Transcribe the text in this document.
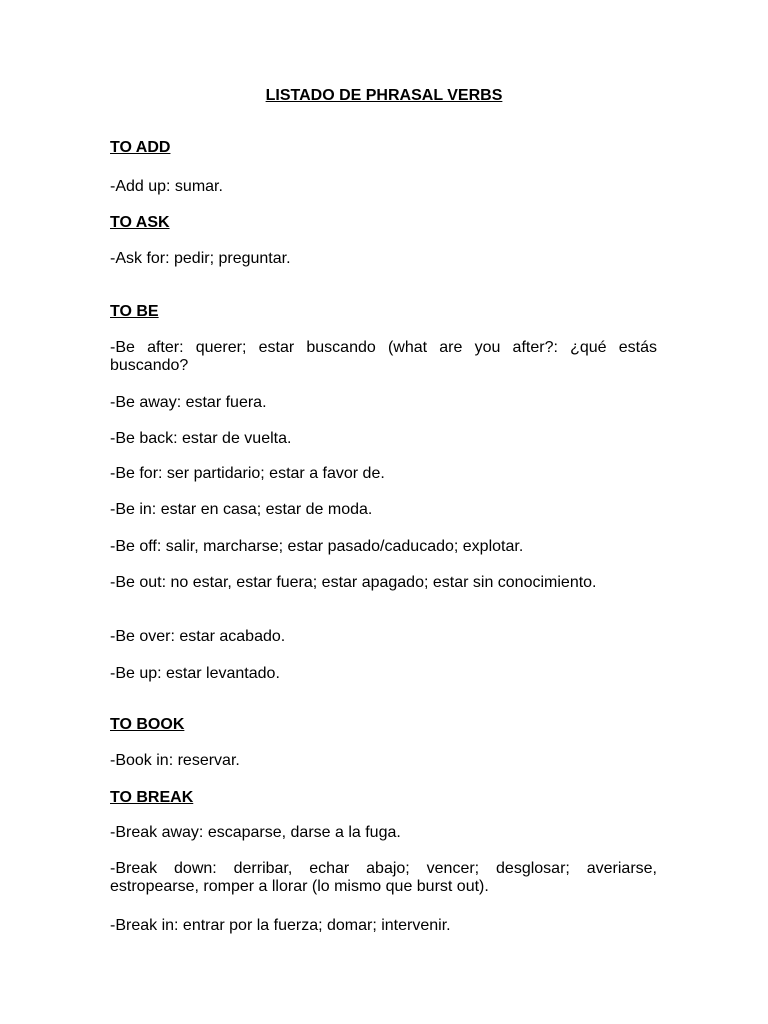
LISTADO DE PHRASAL VERBS
TO ADD
-Add up: sumar.
TO ASK
-Ask for: pedir; preguntar.
TO BE
-Be after: querer; estar buscando (what are you after?: ¿qué estás buscando?
-Be away: estar fuera.
-Be back: estar de vuelta.
-Be for: ser partidario; estar a favor de.
-Be in: estar en casa; estar de moda.
-Be off: salir, marcharse; estar pasado/caducado; explotar.
-Be out: no estar, estar fuera; estar apagado; estar sin conocimiento.
-Be over: estar acabado.
-Be up: estar levantado.
TO BOOK
-Book in: reservar.
TO BREAK
-Break away: escaparse, darse a la fuga.
-Break down: derribar, echar abajo; vencer; desglosar; averiarse, estropearse, romper a llorar (lo mismo que burst out).
-Break in: entrar por la fuerza; domar; intervenir.
